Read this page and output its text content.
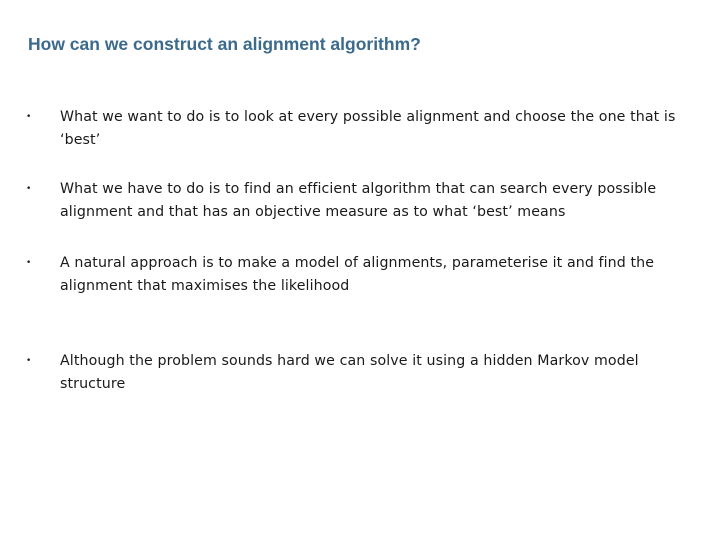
How can we construct an alignment algorithm?
•	What we want to do is to look at every possible alignment and choose the one that is ‘best’
•	What we have to do is to find an efficient algorithm that can search every possible alignment and that has an objective measure as to what ‘best’ means
•	A natural approach is to make a model of alignments, parameterise it and find the alignment that maximises the likelihood
•	Although the problem sounds hard we can solve it using a hidden Markov model structure
